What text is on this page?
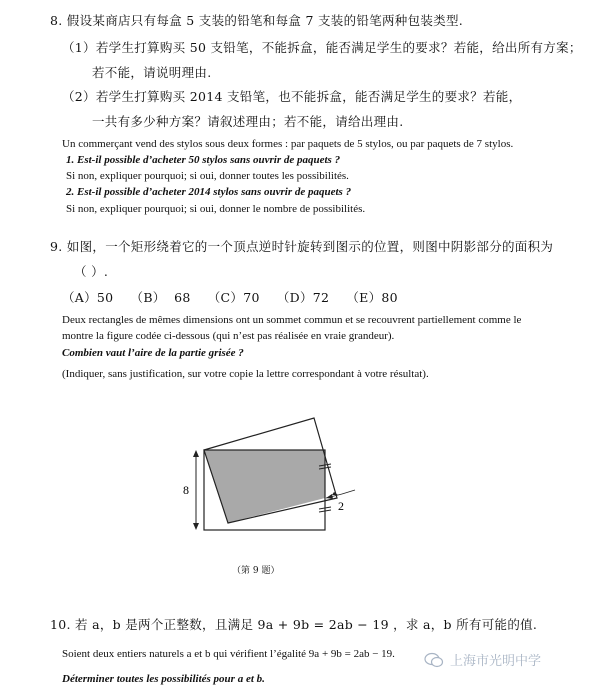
8. 假设某商店只有每盒 5 支装的铅笔和每盒 7 支装的铅笔两种包装类型.
（1）若学生打算购买 50 支铅笔，不能拆盒，能否满足学生的要求？若能，给出所有方案；
若不能，请说明理由.
（2）若学生打算购买 2014 支铅笔，也不能拆盒，能否满足学生的要求？若能，
一共有多少种方案？请叙述理由；若不能，请给出理由.
Un commerçant vend des stylos sous deux formes : par paquets de 5 stylos, ou par paquets de 7 stylos.
1. Est-il possible d’acheter 50 stylos sans ouvrir de paquets ?
Si non, expliquer pourquoi; si oui, donner toutes les possibilités.
2. Est-il possible d’acheter 2014 stylos sans ouvrir de paquets ?
Si non, expliquer pourquoi; si oui, donner le nombre de possibilités.
9. 如图，一个矩形绕着它的一个顶点逆时针旋转到图示的位置，则图中阴影部分的面积为
（ ）.
（A）50    （B）  68    （C）70    （D）72    （E）80
Deux rectangles de mêmes dimensions ont un sommet commun et se recouvrent partiellement comme le
montre la figure codée ci-dessous (qui n’est pas réalisée en vraie grandeur).
Combien vaut l’aire de la partie grisée ?
(Indiquer, sans justification, sur votre copie la lettre correspondant à votre résultat).
8
2
（第 9 题）
10. 若 a，b 是两个正整数，且满足 9a + 9b = 2ab − 19 ，求 a，b 所有可能的值.
Soient deux entiers naturels a et b qui vérifient l’égalité 9a + 9b = 2ab − 19.
Déterminer toutes les possibilités pour a et b.
上海市光明中学
